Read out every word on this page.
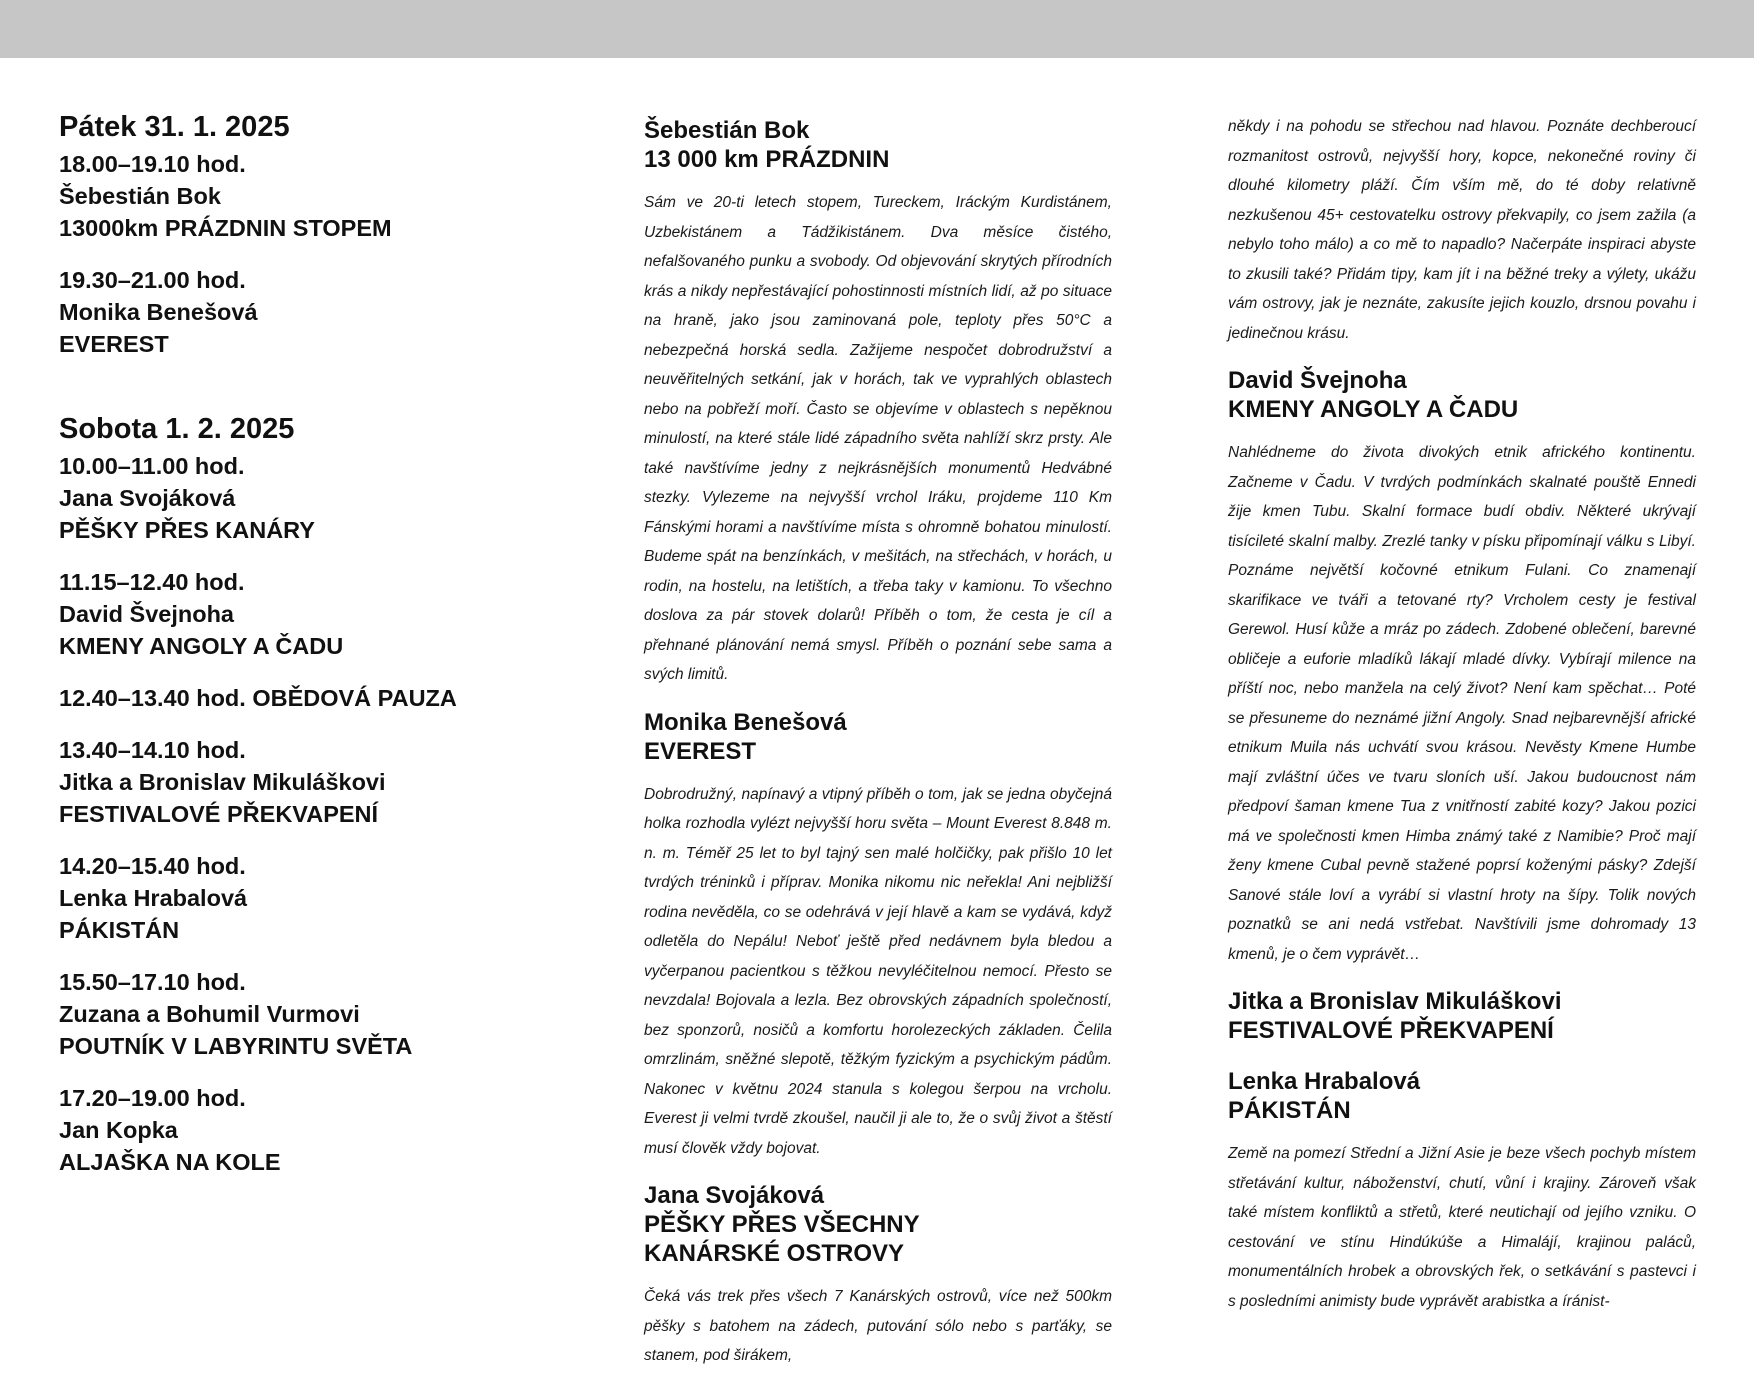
Pátek 31. 1. 2025
18.00–19.10 hod.
Šebestián Bok
13000km PRÁZDNIN STOPEM
19.30–21.00 hod.
Monika Benešová
EVEREST
Sobota 1. 2. 2025
10.00–11.00 hod.
Jana Svojáková
PĚŠKY PŘES KANÁRY
11.15–12.40 hod.
David Švejnoha
KMENY ANGOLY A ČADU
12.40–13.40 hod. OBĚDOVÁ PAUZA
13.40–14.10 hod.
Jitka a Bronislav Mikuláškovi
FESTIVALOVÉ PŘEKVAPENÍ
14.20–15.40 hod.
Lenka Hrabalová
PÁKISTÁN
15.50–17.10 hod.
Zuzana a Bohumil Vurmovi
POUTNÍK V LABYRINTU SVĚTA
17.20–19.00 hod.
Jan Kopka
ALJAŠKA NA KOLE
Šebestián Bok
13 000 km PRÁZDNIN

Sám ve 20-ti letech stopem, Tureckem, Iráckým Kurdistánem, Uzbekistánem a Tádžikistánem. Dva měsíce čistého, nefalšovaného punku a svobody. Od objevování skrytých přírodních krás a nikdy nepřestávající pohostinnosti místních lidí, až po situace na hraně, jako jsou zaminovaná pole, teploty přes 50°C a nebezpečná horská sedla. Zažijeme nespočet dobrodružství a neuvěřitelných setkání, jak v horách, tak ve vyprahlých oblastech nebo na pobřeží moří. Často se objevíme v oblastech s nepěknou minulostí, na které stále lidé západního světa nahlíží skrz prsty. Ale také navštívíme jedny z nejkrásnějších monumentů Hedvábné stezky. Vylezeme na nejvyšší vrchol Iráku, projdeme 110 Km Fánskými horami a navštívíme místa s ohromně bohatou minulostí. Budeme spát na benzínkách, v mešitách, na střechách, v horách, u rodin, na hostelu, na letištích, a třeba taky v kamionu. To všechno doslova za pár stovek dolarů! Příběh o tom, že cesta je cíl a přehnané plánování nemá smysl. Příběh o poznání sebe sama a svých limitů.

Monika Benešová
EVEREST

Dobrodružný, napínavý a vtipný příběh o tom, jak se jedna obyčejná holka rozhodla vylézt nejvyšší horu světa – Mount Everest 8.848 m. n. m. Téměř 25 let to byl tajný sen malé holčičky, pak přišlo 10 let tvrdých tréninků i příprav. Monika nikomu nic neřekla! Ani nejbližší rodina nevěděla, co se odehrává v její hlavě a kam se vydává, když odletěla do Nepálu! Neboť ještě před nedávnem byla bledou a vyčerpanou pacientkou s těžkou nevyléčitelnou nemocí. Přesto se nevzdala! Bojovala a lezla. Bez obrovských západních společností, bez sponzorů, nosičů a komfortu horolezeckých základen. Čelila omrzlinám, sněžné slepotě, těžkým fyzickým a psychickým pádům. Nakonec v květnu 2024 stanula s kolegou šerpou na vrcholu. Everest ji velmi tvrdě zkoušel, naučil ji ale to, že o svůj život a štěstí musí člověk vždy bojovat.

Jana Svojáková
PĚŠKY PŘES VŠECHNY
KANÁRSKÉ OSTROVY

Čeká vás trek přes všech 7 Kanárských ostrovů, více než 500km pěšky s batohem na zádech, putování sólo nebo s parťáky, se stanem, pod širákem,

někdy i na pohodu se střechou nad hlavou. Poznáte dechberoucí rozmanitost ostrovů, nejvyšší hory, kopce, nekonečné roviny či dlouhé kilometry pláží. Čím vším mě, do té doby relativně nezkušenou 45+ cestovatelku ostrovy překvapily, co jsem zažila (a nebylo toho málo) a co mě to napadlo? Načerpáte inspiraci abyste to zkusili také? Přidám tipy, kam jít i na běžné treky a výlety, ukážu vám ostrovy, jak je neznáte, zakusíte jejich kouzlo, drsnou povahu i jedinečnou krásu.

David Švejnoha
KMENY ANGOLY A ČADU

Nahlédneme do života divokých etnik afrického kontinentu. Začneme v Čadu. V tvrdých podmínkách skalnaté pouště Ennedi žije kmen Tubu. Skalní formace budí obdiv. Některé ukrývají tisícileté skalní malby. Zrezlé tanky v písku připomínají válku s Libyí. Poznáme největší kočovné etnikum Fulani. Co znamenají skarifikace ve tváři a tetované rty? Vrcholem cesty je festival Gerewol. Husí kůže a mráz po zádech. Zdobené oblečení, barevné obličeje a euforie mladíků lákají mladé dívky. Vybírají milence na příští noc, nebo manžela na celý život? Není kam spěchat… Poté se přesuneme do neznámé jižní Angoly. Snad nejbarevnější africké etnikum Muila nás uchvátí svou krásou. Nevěsty Kmene Humbe mají zvláštní účes ve tvaru sloních uší. Jakou budoucnost nám předpoví šaman kmene Tua z vnitřností zabité kozy? Jakou pozici má ve společnosti kmen Himba známý také z Namibie? Proč mají ženy kmene Cubal pevně stažené poprsí koženými pásky? Zdejší Sanové stále loví a vyrábí si vlastní hroty na šípy. Tolik nových poznatků se ani nedá vstřebat. Navštívili jsme dohromady 13 kmenů, je o čem vyprávět…

Jitka a Bronislav Mikuláškovi
FESTIVALOVÉ PŘEKVAPENÍ
Lenka Hrabalová
PÁKISTÁN

Země na pomezí Střední a Jižní Asie je beze všech pochyb místem střetávání kultur, náboženství, chutí, vůní i krajiny. Zároveň však také místem konfliktů a střetů, které neutichají od jejího vzniku. O cestování ve stínu Hindúkúše a Himalájí, krajinou paláců, monumentálních hrobek a obrovských řek, o setkávání s pastevci i s posledními animisty bude vyprávět arabistka a íránist-
